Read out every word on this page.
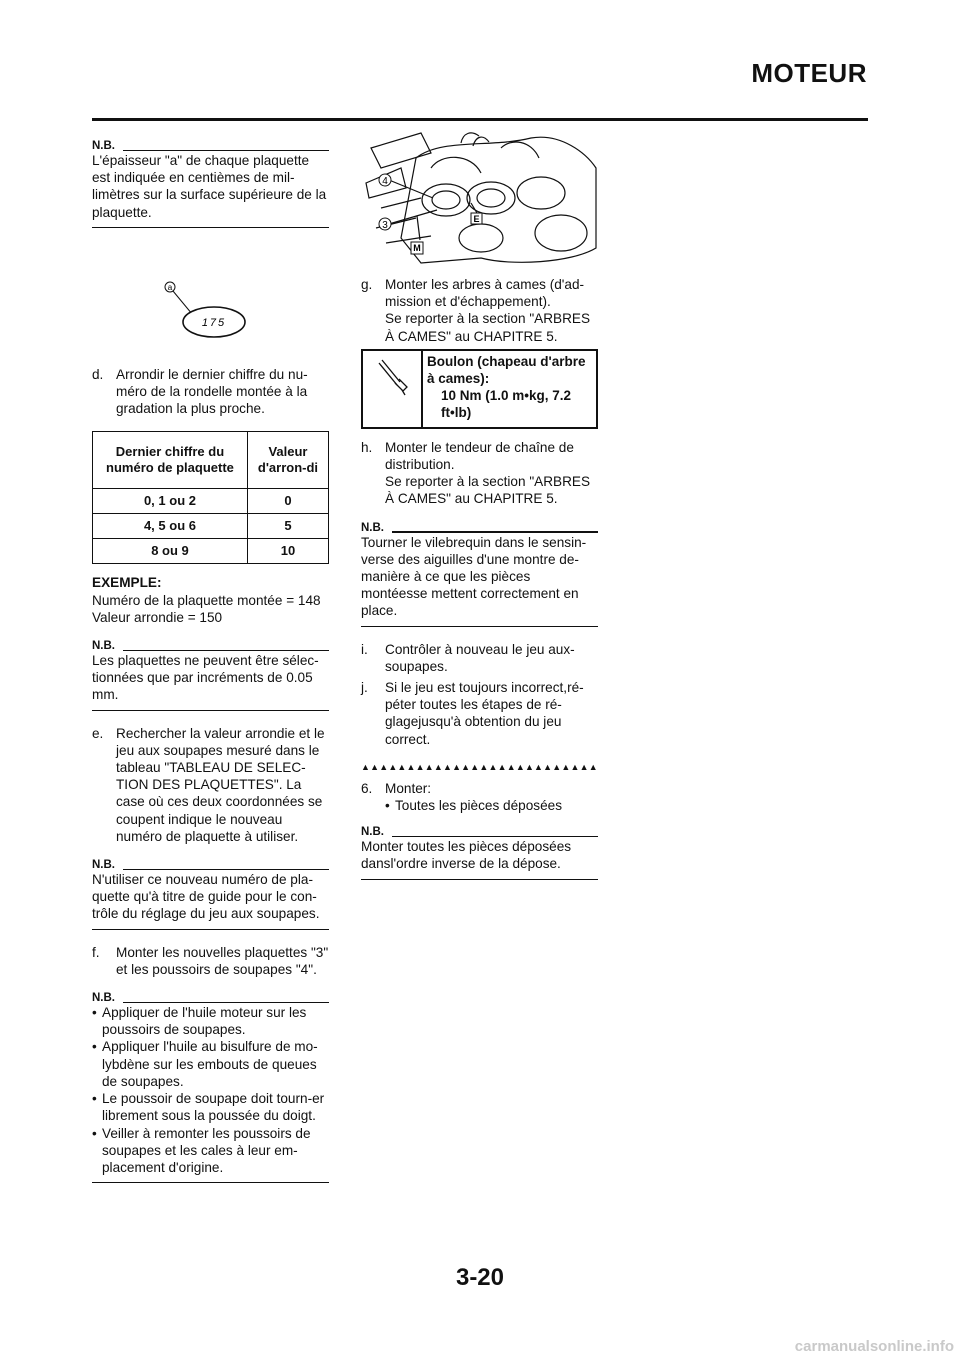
MOTEUR
N.B.
L'épaisseur "a" de chaque plaquette est indiquée en centièmes de mil-limètres sur la surface supérieure de la plaquette.
a
175
d. Arrondir le dernier chiffre du nu-méro de la rondelle montée à la gradation la plus proche.
Dernier chiffre du numéro de plaquette	Valeur d'arron-di
0, 1 ou 2	0
4, 5 ou 6	5
8 ou 9	10
EXEMPLE:
Numéro de la plaquette montée = 148
Valeur arrondie = 150
N.B.
Les plaquettes ne peuvent être sélec-tionnées que par incréments de 0.05 mm.
e. Rechercher la valeur arrondie et le jeu aux soupapes mesuré dans le tableau "TABLEAU DE SELEC-TION DES PLAQUETTES". La case où ces deux coordonnées se coupent indique le nouveau numéro de plaquette à utiliser.
N.B.
N'utiliser ce nouveau numéro de pla-quette qu'à titre de guide pour le con-trôle du réglage du jeu aux soupapes.
f.	Monter les nouvelles plaquettes "3" et les poussoirs de soupapes "4".
N.B.
• Appliquer de l'huile moteur sur les poussoirs de soupapes.
• Appliquer l'huile au bisulfure de mo-lybdène sur les embouts de queues de soupapes.
• Le poussoir de soupape doit tourn-er librement sous la poussée du doigt.
• Veiller à remonter les poussoirs de soupapes et les cales à leur em-placement d'origine.
4
3
E
M
g. Monter les arbres à cames (d'ad-mission et d'échappement).
Se reporter à la section "ARBRES À CAMES" au CHAPITRE 5.
Boulon (chapeau d'arbre à cames):
10 Nm (1.0 m•kg, 7.2 ft•lb)
h. Monter le tendeur de chaîne de distribution.
Se reporter à la section "ARBRES À CAMES" au CHAPITRE 5.
N.B.
Tourner le vilebrequin dans le sensin-verse des aiguilles d'une montre de-manière à ce que les pièces montéesse mettent correctement en place.
i.	Contrôler à nouveau le jeu aux-soupapes.
j.	Si le jeu est toujours incorrect,ré-péter toutes les étapes de ré-glagejusqu'à obtention du jeu correct.
▲▲▲▲▲▲▲▲▲▲▲▲▲▲▲▲▲▲▲▲▲▲▲▲▲▲
6. Monter:
• Toutes les pièces déposées
N.B.
Monter toutes les pièces déposées dansl'ordre inverse de la dépose.
3-20
carmanualsonline.info
